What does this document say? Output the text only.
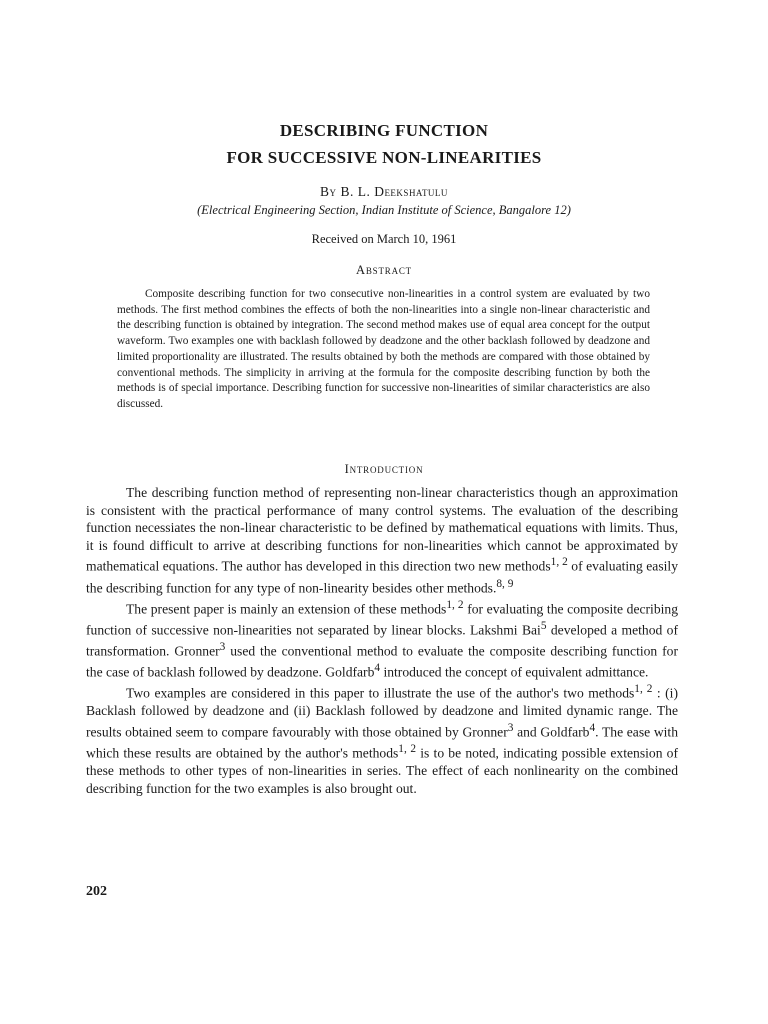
DESCRIBING FUNCTION
FOR SUCCESSIVE NON-LINEARITIES
By B. L. Deekshatulu
(Electrical Engineering Section, Indian Institute of Science, Bangalore 12)
Received on March 10, 1961
Abstract

Composite describing function for two consecutive non-linearities in a control system are evaluated by two methods. The first method combines the effects of both the non-linearities into a single non-linear characteristic and the describing function is obtained by integration. The second method makes use of equal area concept for the output waveform. Two examples one with backlash followed by deadzone and the other backlash followed by deadzone and limited proportionality are illustrated. The results obtained by both the methods are compared with those obtained by conventional methods. The simplicity in arriving at the formula for the composite describing function by both the methods is of special importance. Describing function for successive non-linearities of similar characteristics are also discussed.

Introduction

The describing function method of representing non-linear characteristics though an approximation is consistent with the practical performance of many control systems. The evaluation of the describing function necessiates the non-linear characteristic to be defined by mathematical equations with limits. Thus, it is found difficult to arrive at describing functions for non-linearities which cannot be approximated by mathematical equations. The author has developed in this direction two new methods$^{1, 2}$ of evaluating easily the describing function for any type of non-linearity besides other methods.$^{8, 9}$

The present paper is mainly an extension of these methods$^{1, 2}$ for evaluating the composite decribing function of successive non-linearities not separated by linear blocks. Lakshmi Bai$^5$ developed a method of transformation. Gronner$^3$ used the conventional method to evaluate the composite describing function for the case of backlash followed by deadzone. Goldfarb$^4$ introduced the concept of equivalent admittance.

Two examples are considered in this paper to illustrate the use of the author's two methods$^{1, 2}$ : (i) Backlash followed by deadzone and (ii) Backlash followed by deadzone and limited dynamic range. The results obtained seem to compare favourably with those obtained by Gronner$^3$ and Goldfarb$^4$. The ease with which these results are obtained by the author's methods$^{1, 2}$ is to be noted, indicating possible extension of these methods to other types of non-linearities in series. The effect of each nonlinearity on the combined describing function for the two examples is also brought out.

202
